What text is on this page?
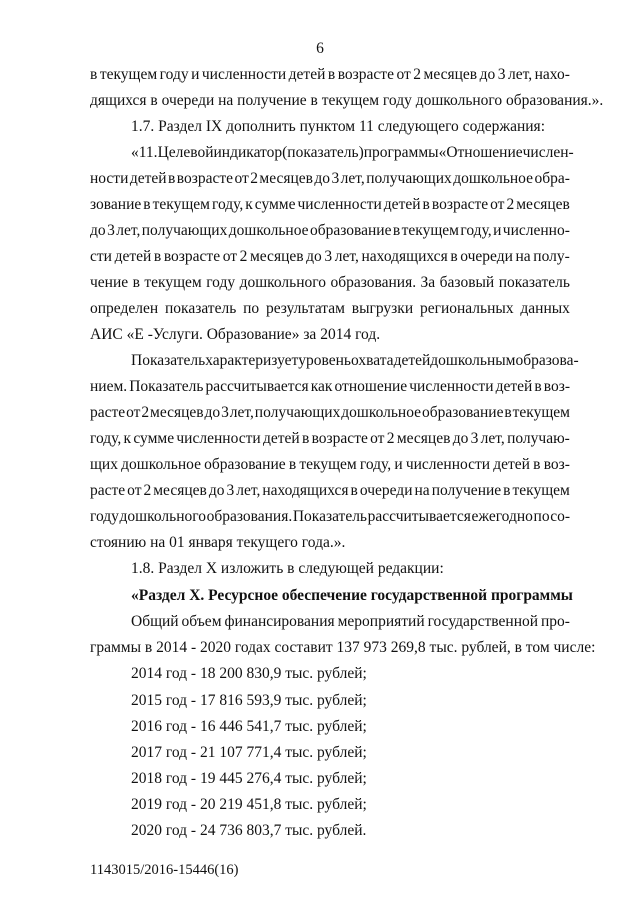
6
в текущем году и численности детей в возрасте от 2 месяцев до 3 лет, нахо-
дящихся в очереди на получение в текущем году дошкольного образования.».
1.7. Раздел IX дополнить пунктом 11 следующего содержания:
«11. Целевой индикатор (показатель) программы «Отношение числен-
ности детей в возрасте от 2 месяцев до 3 лет, получающих дошкольное обра-
зование в текущем году, к сумме численности детей в возрасте от 2 месяцев
до 3 лет, получающих дошкольное образование в текущем году, и численно-
сти детей в возрасте от 2 месяцев до 3 лет, находящихся в очереди на полу-
чение в текущем году дошкольного образования. За базовый показатель
определен показатель по результатам выгрузки региональных данных
АИС «Е -Услуги. Образование» за 2014 год.
Показатель характеризует уровень охвата детей дошкольным образова-
нием. Показатель рассчитывается как отношение численности детей в воз-
расте от 2 месяцев до 3 лет, получающих дошкольное образование в текущем
году, к сумме численности детей в возрасте от 2 месяцев до 3 лет, получаю-
щих дошкольное образование в текущем году, и численности детей в воз-
расте от 2 месяцев до 3 лет, находящихся в очереди на получение в текущем
году дошкольного образования. Показатель рассчитывается ежегодно по со-
стоянию на 01 января текущего года.».
1.8. Раздел X изложить в следующей редакции:
«Раздел X. Ресурсное обеспечение государственной программы
Общий объем финансирования мероприятий государственной про-
граммы в 2014 - 2020 годах составит 137 973 269,8 тыс. рублей, в том числе:
2014 год - 18 200 830,9 тыс. рублей;
2015 год - 17 816 593,9 тыс. рублей;
2016 год - 16 446 541,7 тыс. рублей;
2017 год - 21 107 771,4 тыс. рублей;
2018 год - 19 445 276,4 тыс. рублей;
2019 год - 20 219 451,8 тыс. рублей;
2020 год - 24 736 803,7 тыс. рублей.
1143015/2016-15446(16)
